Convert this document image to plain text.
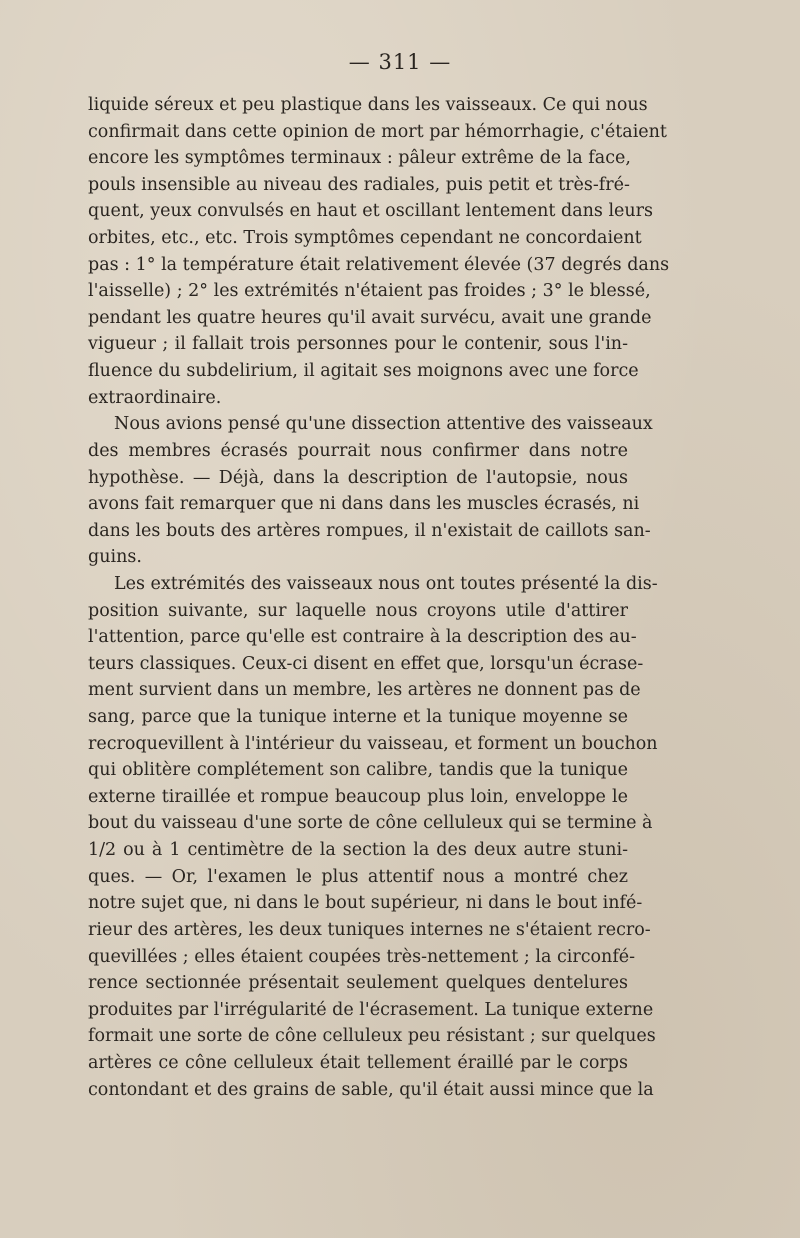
— 311 —
liquide séreux et peu plastique dans les vaisseaux. Ce qui nous
confirmait dans cette opinion de mort par hémorrhagie, c'étaient
encore les symptômes terminaux : pâleur extrême de la face,
pouls insensible au niveau des radiales, puis petit et très-fré-
quent, yeux convulsés en haut et oscillant lentement dans leurs
orbites, etc., etc. Trois symptômes cependant ne concordaient
pas : 1° la température était relativement élevée (37 degrés dans
l'aisselle) ; 2° les extrémités n'étaient pas froides ; 3° le blessé,
pendant les quatre heures qu'il avait survécu, avait une grande
vigueur ; il fallait trois personnes pour le contenir, sous l'in-
fluence du subdelirium, il agitait ses moignons avec une force
extraordinaire.
Nous avions pensé qu'une dissection attentive des vaisseaux
des membres écrasés pourrait nous confirmer dans notre
hypothèse. — Déjà, dans la description de l'autopsie, nous
avons fait remarquer que ni dans dans les muscles écrasés, ni
dans les bouts des artères rompues, il n'existait de caillots san-
guins.
Les extrémités des vaisseaux nous ont toutes présenté la dis-
position suivante, sur laquelle nous croyons utile d'attirer
l'attention, parce qu'elle est contraire à la description des au-
teurs classiques. Ceux-ci disent en effet que, lorsqu'un écrase-
ment survient dans un membre, les artères ne donnent pas de
sang, parce que la tunique interne et la tunique moyenne se
recroquevillent à l'intérieur du vaisseau, et forment un bouchon
qui oblitère complétement son calibre, tandis que la tunique
externe tiraillée et rompue beaucoup plus loin, enveloppe le
bout du vaisseau d'une sorte de cône celluleux qui se termine à
1/2 ou à 1 centimètre de la section la des deux autre stuni-
ques. — Or, l'examen le plus attentif nous a montré chez
notre sujet que, ni dans le bout supérieur, ni dans le bout infé-
rieur des artères, les deux tuniques internes ne s'étaient recro-
quevillées ; elles étaient coupées très-nettement ; la circonfé-
rence sectionnée présentait seulement quelques dentelures
produites par l'irrégularité de l'écrasement. La tunique externe
formait une sorte de cône celluleux peu résistant ; sur quelques
artères ce cône celluleux était tellement éraillé par le corps
contondant et des grains de sable, qu'il était aussi mince que la
